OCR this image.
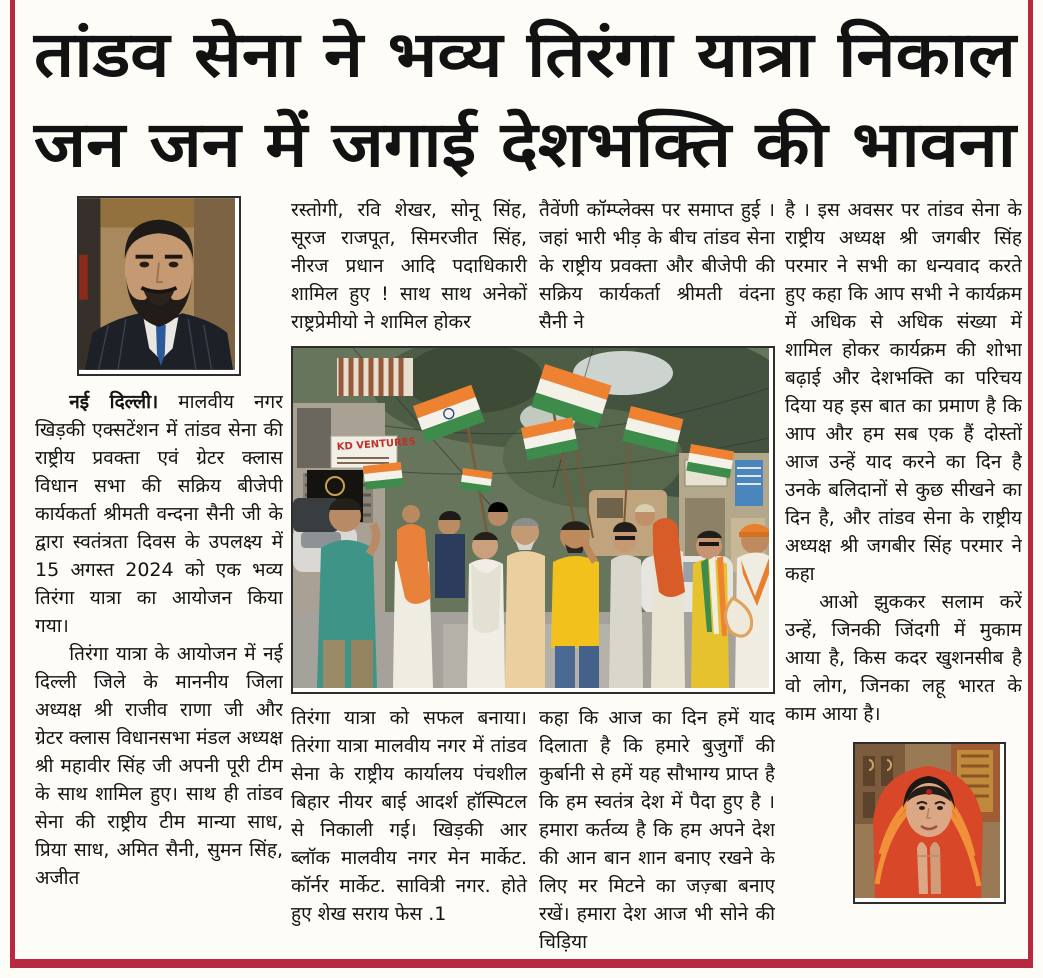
तांडव सेना ने भव्य तिरंगा यात्रा निकाल
जन जन में जगाई देशभक्ति की भावना

नई दिल्ली। मालवीय नगर खिड़की एक्सटेंशन में तांडव सेना की राष्ट्रीय प्रवक्ता एवं ग्रेटर क्लास विधान सभा की सक्रिय बीजेपी कार्यकर्ता श्रीमती वन्दना सैनी जी के द्वारा स्वतंत्रता दिवस के उपलक्ष्य में 15 अगस्त 2024 को एक भव्य तिरंगा यात्रा का आयोजन किया गया।

तिरंगा यात्रा के आयोजन में नई दिल्ली जिले के माननीय जिला अध्यक्ष श्री राजीव राणा जी और ग्रेटर क्लास विधानसभा मंडल अध्यक्ष श्री महावीर सिंह जी अपनी पूरी टीम के साथ शामिल हुए। साथ ही तांडव सेना की राष्ट्रीय टीम मान्या साध, प्रिया साध, अमित सैनी, सुमन सिंह, अजीत

रस्तोगी, रवि शेखर, सोनू सिंह, सूरज राजपूत, सिमरजीत सिंह, नीरज प्रधान आदि पदाधिकारी शामिल हुए ! साथ साथ अनेकों राष्ट्रप्रेमीयो ने शामिल होकर
तैवेंणी कॉम्प्लेक्स पर समाप्त हुई । जहां भारी भीड़ के बीच तांडव सेना के राष्ट्रीय प्रवक्ता और बीजेपी की सक्रिय कार्यकर्ता श्रीमती वंदना सैनी ने
KD VENTURES
तिरंगा यात्रा को सफल बनाया। तिरंगा यात्रा मालवीय नगर में तांडव सेना के राष्ट्रीय कार्यालय पंचशील बिहार नीयर बाई आदर्श हॉस्पिटल से निकाली गई। खिड़की आर ब्लॉक मालवीय नगर मेन मार्केट. कॉर्नर मार्केट. सावित्री नगर. होते हुए शेख सराय फेस .1
कहा कि आज का दिन हमें याद दिलाता है कि हमारे बुजुर्गों की कुर्बानी से हमें यह सौभाग्य प्राप्त है कि हम स्वतंत्र देश में पैदा हुए है । हमारा कर्तव्य है कि हम अपने देश की आन बान शान बनाए रखने के लिए मर मिटने का जज़्बा बनाए रखें। हमारा देश आज भी सोने की चिड़िया

है । इस अवसर पर तांडव सेना के राष्ट्रीय अध्यक्ष श्री जगबीर सिंह परमार ने सभी का धन्यवाद करते हुए कहा कि आप सभी ने कार्यक्रम में अधिक से अधिक संख्या में शामिल होकर कार्यक्रम की शोभा बढ़ाई और देशभक्ति का परिचय दिया यह इस बात का प्रमाण है कि आप और हम सब एक हैं दोस्तों आज उन्हें याद करने का दिन है उनके बलिदानों से कुछ सीखने का दिन है, और तांडव सेना के राष्ट्रीय अध्यक्ष श्री जगबीर सिंह परमार ने कहा

आओ झुककर सलाम करें उन्हें, जिनकी जिंदगी में मुकाम आया है, किस कदर खुशनसीब है वो लोग, जिनका लहू भारत के काम आया है।
